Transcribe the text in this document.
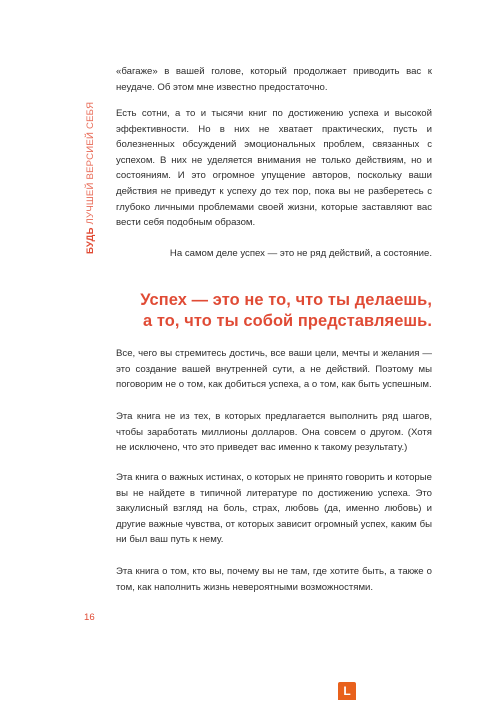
БУДЬ ЛУЧШЕЙ ВЕРСИЕЙ СЕБЯ

«багаже» в вашей голове, который продолжает приводить вас к неудаче. Об этом мне известно предостаточно.

Есть сотни, а то и тысячи книг по достижению успеха и высокой эффективности. Но в них не хватает практических, пусть и болезненных обсуждений эмоциональных проблем, связанных с успехом. В них не уделяется внимания не только действиям, но и состояниям. И это огромное упущение авторов, поскольку ваши действия не приведут к успеху до тех пор, пока вы не разберетесь с глубоко личными проблемами своей жизни, которые заставляют вас вести себя подобным образом.

На самом деле успех — это не ряд действий, а состояние.

Успех — это не то, что ты делаешь,
а то, что ты собой представляешь.

Все, чего вы стремитесь достичь, все ваши цели, мечты и желания — это создание вашей внутренней сути, а не действий. Поэтому мы поговорим не о том, как добиться успеха, а о том, как быть успешным.

Эта книга не из тех, в которых предлагается выполнить ряд шагов, чтобы заработать миллионы долларов. Она совсем о другом. (Хотя не исключено, что это приведет вас именно к такому результату.)

Эта книга о важных истинах, о которых не принято говорить и которые вы не найдете в типичной литературе по достижению успеха. Это закулисный взгляд на боль, страх, любовь (да, именно любовь) и другие важные чувства, от которых зависит огромный успех, каким бы ни был ваш путь к нему.

Эта книга о том, кто вы, почему вы не там, где хотите быть, а также о том, как наполнить жизнь невероятными возможностями.

16
L
